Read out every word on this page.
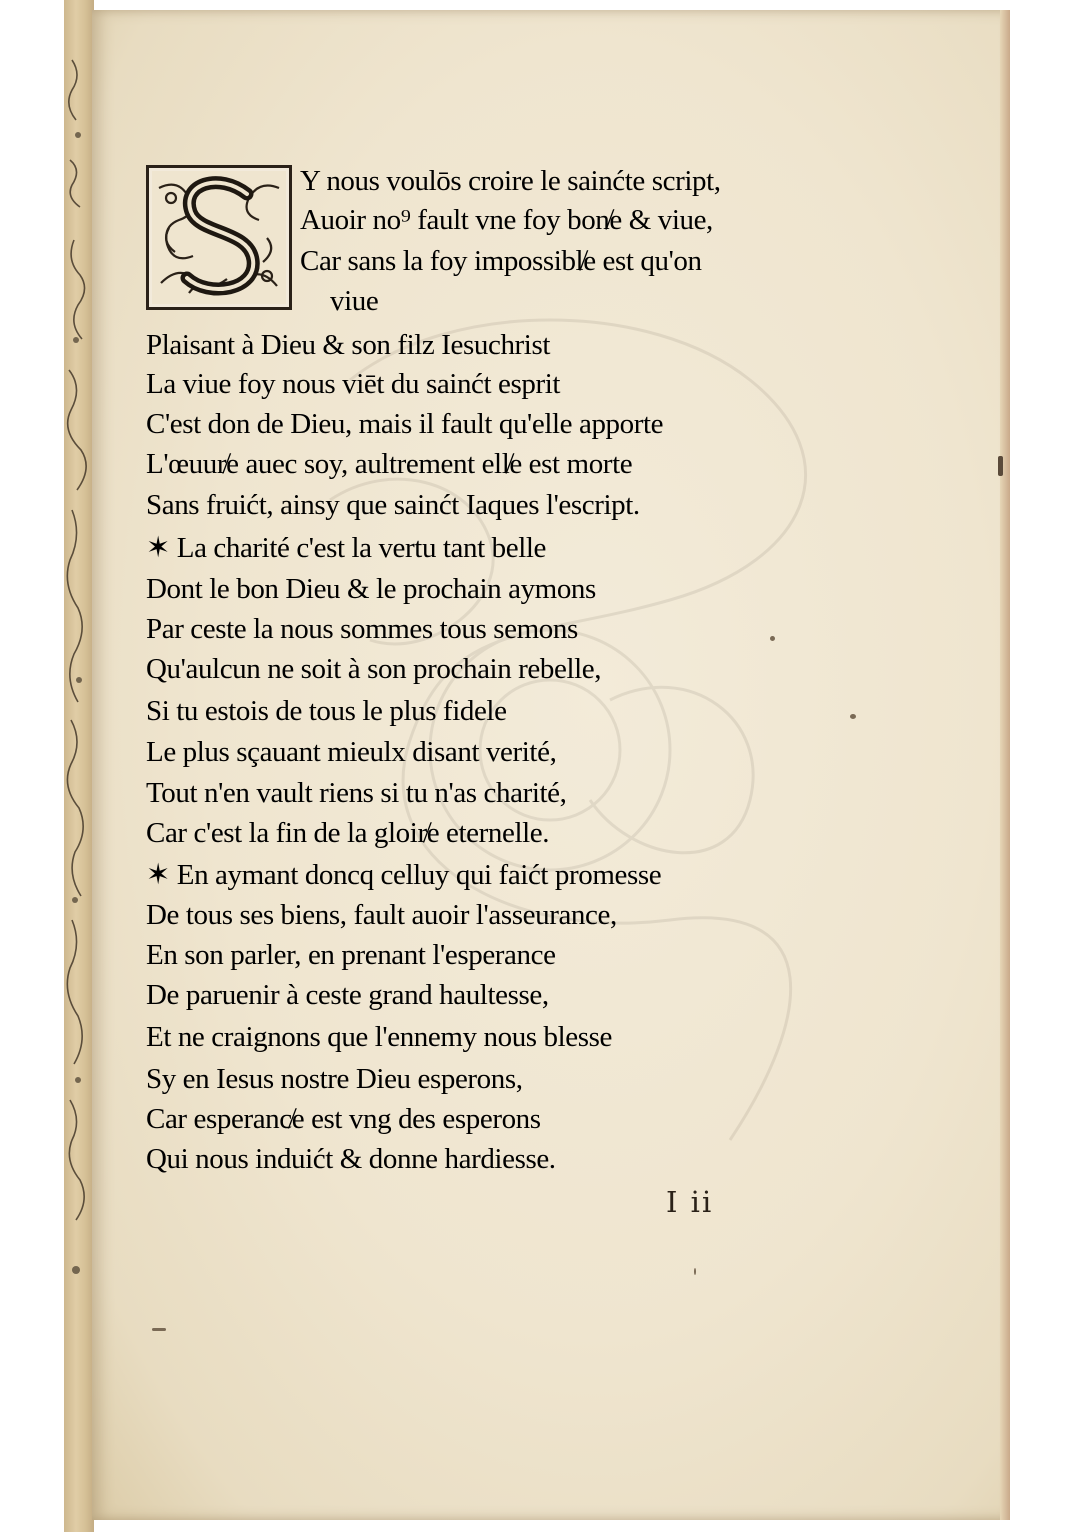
Y nous voulōs croire le sainćte script,
Auoir no⁹ fault vne foy bon̸e & viue,
Car sans la foy impossibl̸e est qu'on
viue
Plaisant à Dieu & son filz Iesuchrist
La viue foy nous viēt du sainćt esprit
C'est don de Dieu, mais il fault qu'elle apporte
L'œuur̸e auec soy, aultrement ell̸e est morte
Sans fruićt, ainsy que sainćt Iaques l'escript.
✶ La charité c'est la vertu tant belle
Dont le bon Dieu & le prochain aymons
Par ceste la nous sommes tous semons
Qu'aulcun ne soit à son prochain rebelle,
Si tu estois de tous le plus fidele
Le plus sçauant mieulx disant verité,
Tout n'en vault riens si tu n'as charité,
Car c'est la fin de la gloir̸e eternelle.
✶ En aymant doncq celluy qui faićt promesse
De tous ses biens, fault auoir l'asseurance,
En son parler, en prenant l'esperance
De paruenir à ceste grand haultesse,
Et ne craignons que l'ennemy nous blesse
Sy en Iesus nostre Dieu esperons,
Car esperanc̸e est vng des esperons
Qui nous induićt & donne hardiesse.
I ii
